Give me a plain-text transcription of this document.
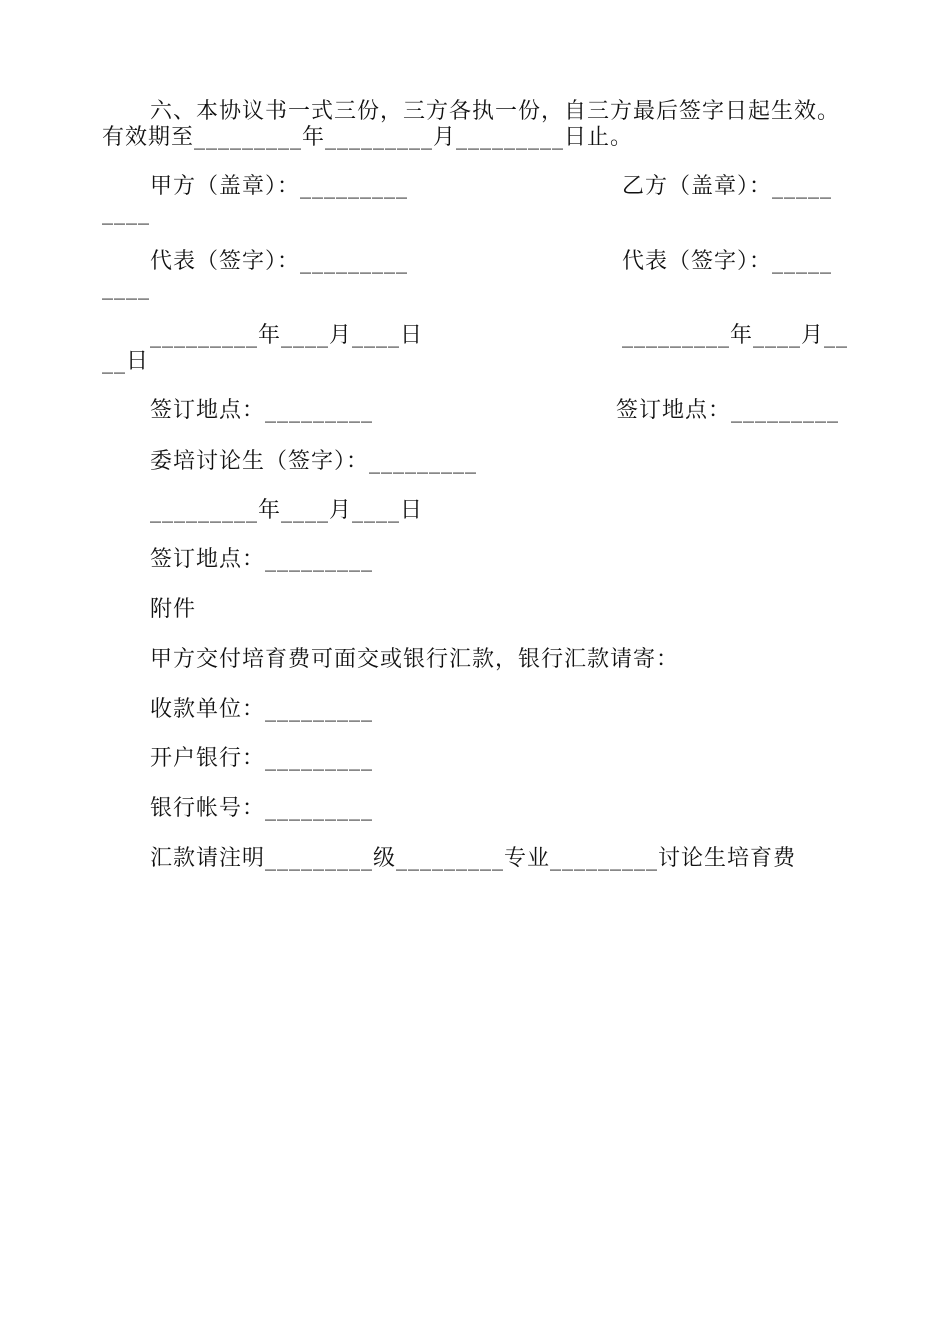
六、本协议书一式三份，三方各执一份，自三方最后签字日起生效。
有效期至_________年_________月_________日止。
甲方（盖章）：_________	乙方（盖章）：_____
____
代表（签字）：_________	代表（签字）：_____
____
_________年____月____日	_________年____月__
__日
签订地点：_________	签订地点：_________
委培讨论生（签字）：_________
_________年____月____日
签订地点：_________
附件
甲方交付培育费可面交或银行汇款，银行汇款请寄：
收款单位：_________
开户银行：_________
银行帐号：_________
汇款请注明_________级_________专业_________讨论生培育费
